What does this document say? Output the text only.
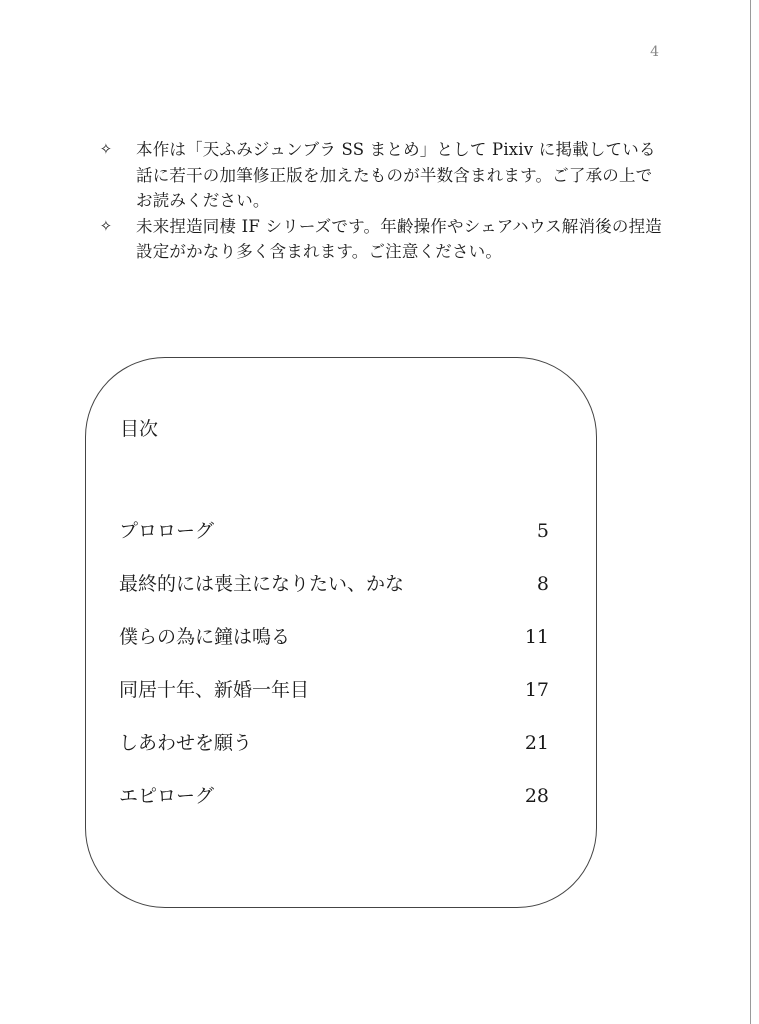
4
✧ 本作は「天ふみジュンブラ SS まとめ」として Pixiv に掲載している話に若干の加筆修正版を加えたものが半数含まれます。ご了承の上でお読みください。
✧ 未来捏造同棲 IF シリーズです。年齢操作やシェアハウス解消後の捏造設定がかなり多く含まれます。ご注意ください。
目次
プロローグ	5
最終的には喪主になりたい、かな	8
僕らの為に鐘は鳴る	11
同居十年、新婚一年目	17
しあわせを願う	21
エピローグ	28
